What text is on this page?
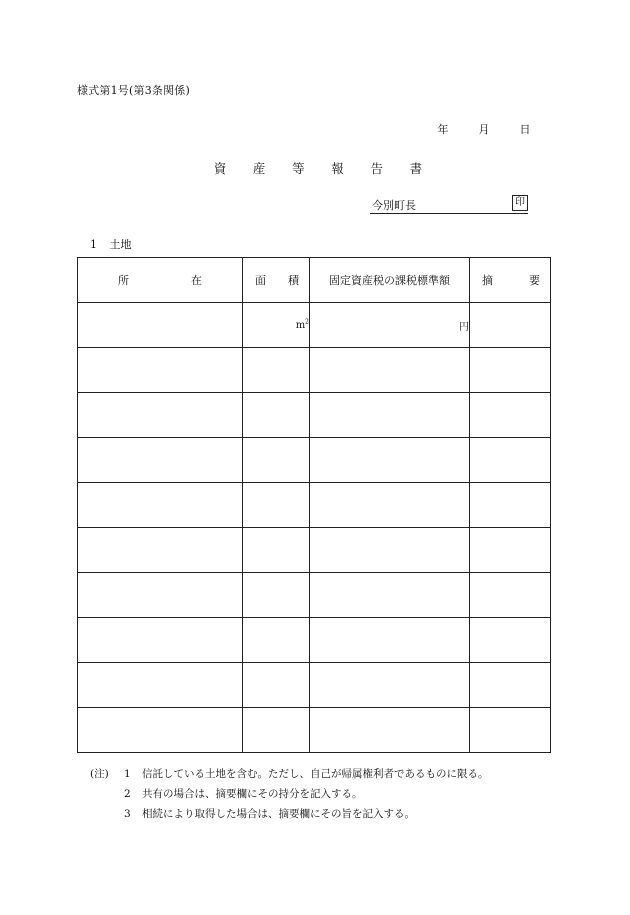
様式第1号(第3条関係)
年	月	日
資 産 等 報 告 書
今別町長	印
1 土地
所 在	面 積	固定資産税の課税標準額	摘 要

	$m^2$	円	

(注)	1	信託している土地を含む。ただし、自己が帰属権利者であるものに限る。
2	共有の場合は、摘要欄にその持分を記入する。
3	相続により取得した場合は、摘要欄にその旨を記入する。
